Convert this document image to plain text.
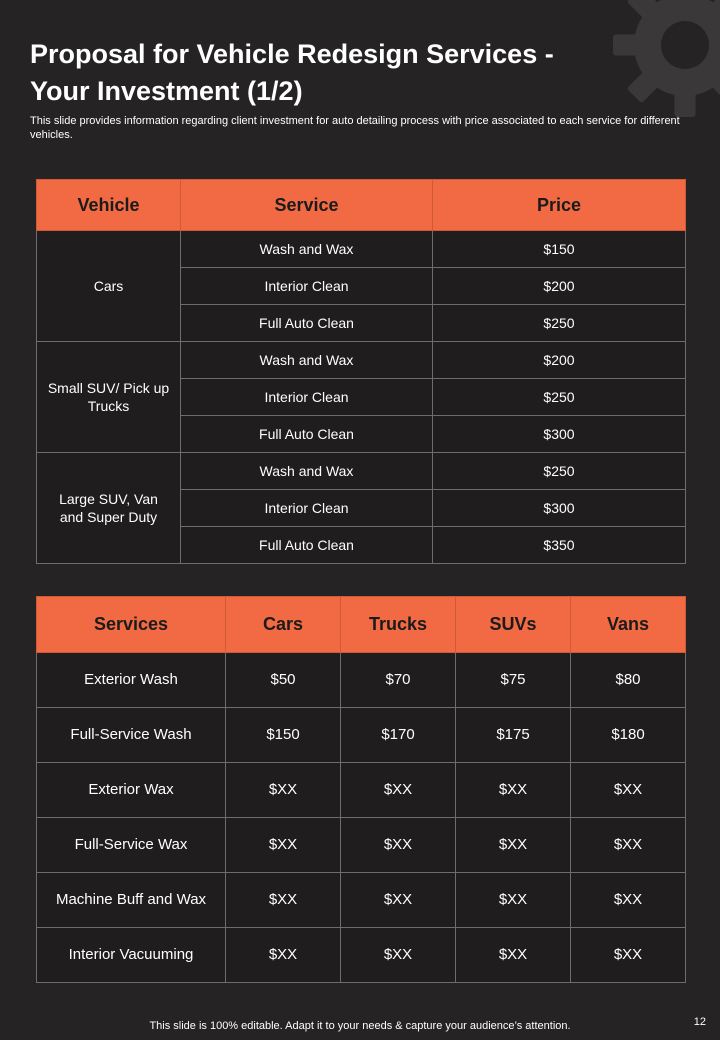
Proposal for Vehicle Redesign Services -
Your Investment (1/2)

This slide provides information regarding client investment for auto detailing process with price associated to each service for different vehicles.

Vehicle	Service	Price
Cars	Wash and Wax	$150
	Interior Clean	$200
	Full Auto Clean	$250
Small SUV/ Pick up Trucks	Wash and Wax	$200
	Interior Clean	$250
	Full Auto Clean	$300
Large SUV, Van and Super Duty	Wash and Wax	$250
	Interior Clean	$300
	Full Auto Clean	$350
Services	Cars	Trucks	SUVs	Vans
Exterior Wash	$50	$70	$75	$80
Full-Service Wash	$150	$170	$175	$180
Exterior Wax	$XX	$XX	$XX	$XX
Full-Service Wax	$XX	$XX	$XX	$XX
Machine Buff and Wax	$XX	$XX	$XX	$XX
Interior Vacuuming	$XX	$XX	$XX	$XX
This slide is 100% editable. Adapt it to your needs & capture your audience’s attention.	12
